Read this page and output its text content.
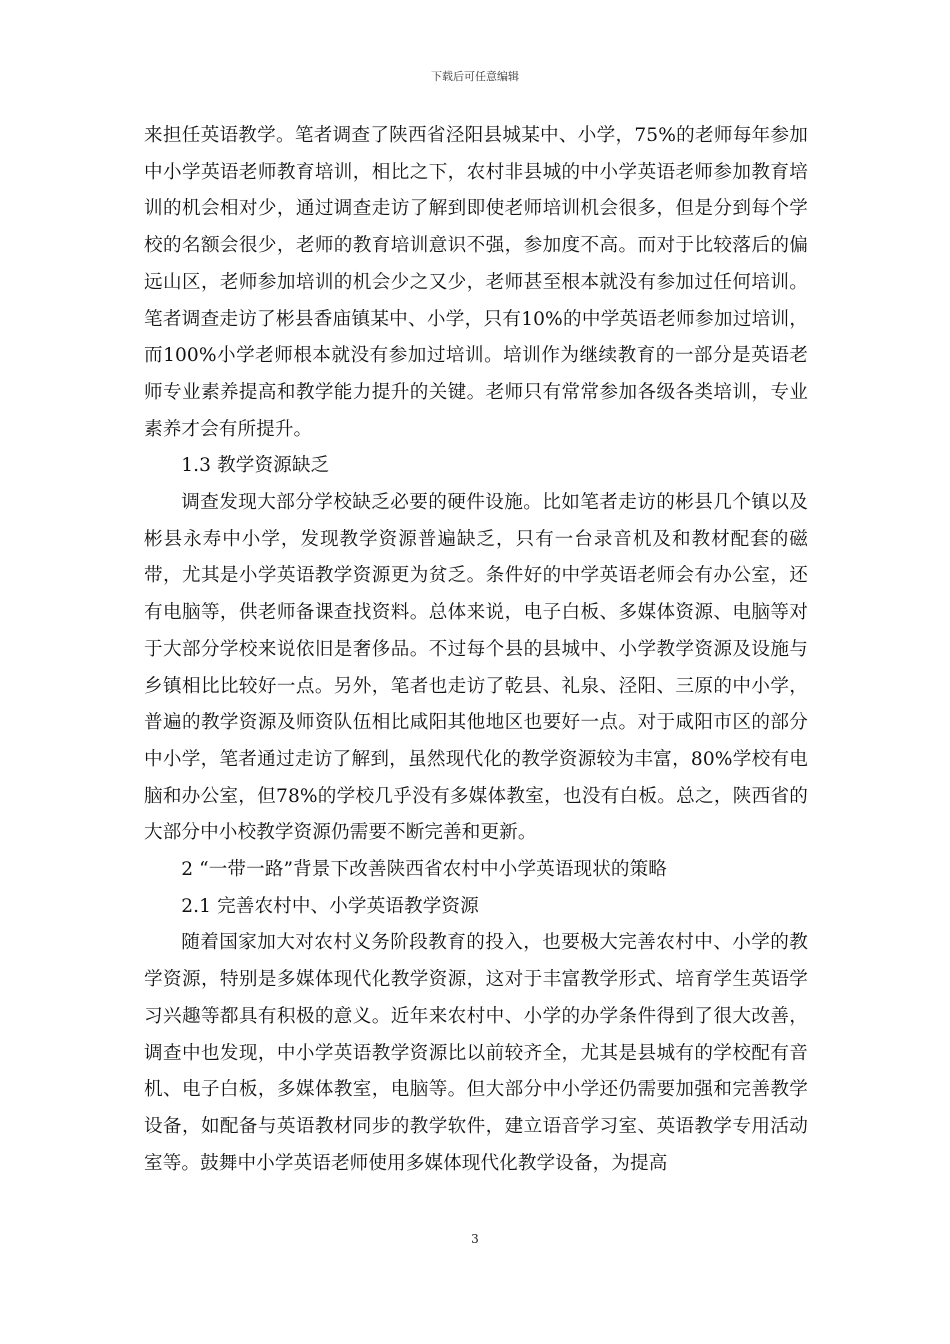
下载后可任意编辑

来担任英语教学。笔者调查了陕西省泾阳县城某中、小学，75%的老师每年参加中小学英语老师教育培训，相比之下，农村非县城的中小学英语老师参加教育培训的机会相对少，通过调查走访了解到即使老师培训机会很多，但是分到每个学校的名额会很少，老师的教育培训意识不强，参加度不高。而对于比较落后的偏远山区，老师参加培训的机会少之又少，老师甚至根本就没有参加过任何培训。笔者调查走访了彬县香庙镇某中、小学，只有10%的中学英语老师参加过培训，而100%小学老师根本就没有参加过培训。培训作为继续教育的一部分是英语老师专业素养提高和教学能力提升的关键。老师只有常常参加各级各类培训，专业素养才会有所提升。

1.3 教学资源缺乏

调查发现大部分学校缺乏必要的硬件设施。比如笔者走访的彬县几个镇以及彬县永寿中小学，发现教学资源普遍缺乏，只有一台录音机及和教材配套的磁带，尤其是小学英语教学资源更为贫乏。条件好的中学英语老师会有办公室，还有电脑等，供老师备课查找资料。总体来说，电子白板、多媒体资源、电脑等对于大部分学校来说依旧是奢侈品。不过每个县的县城中、小学教学资源及设施与乡镇相比比较好一点。另外，笔者也走访了乾县、礼泉、泾阳、三原的中小学，普遍的教学资源及师资队伍相比咸阳其他地区也要好一点。对于咸阳市区的部分中小学，笔者通过走访了解到，虽然现代化的教学资源较为丰富，80%学校有电脑和办公室，但78%的学校几乎没有多媒体教室，也没有白板。总之，陕西省的大部分中小校教学资源仍需要不断完善和更新。

2 “一带一路”背景下改善陕西省农村中小学英语现状的策略

2.1 完善农村中、小学英语教学资源

随着国家加大对农村义务阶段教育的投入，也要极大完善农村中、小学的教学资源，特别是多媒体现代化教学资源，这对于丰富教学形式、培育学生英语学习兴趣等都具有积极的意义。近年来农村中、小学的办学条件得到了很大改善，调查中也发现，中小学英语教学资源比以前较齐全，尤其是县城有的学校配有音机、电子白板，多媒体教室，电脑等。但大部分中小学还仍需要加强和完善教学设备，如配备与英语教材同步的教学软件，建立语音学习室、英语教学专用活动室等。鼓舞中小学英语老师使用多媒体现代化教学设备，为提高

3
